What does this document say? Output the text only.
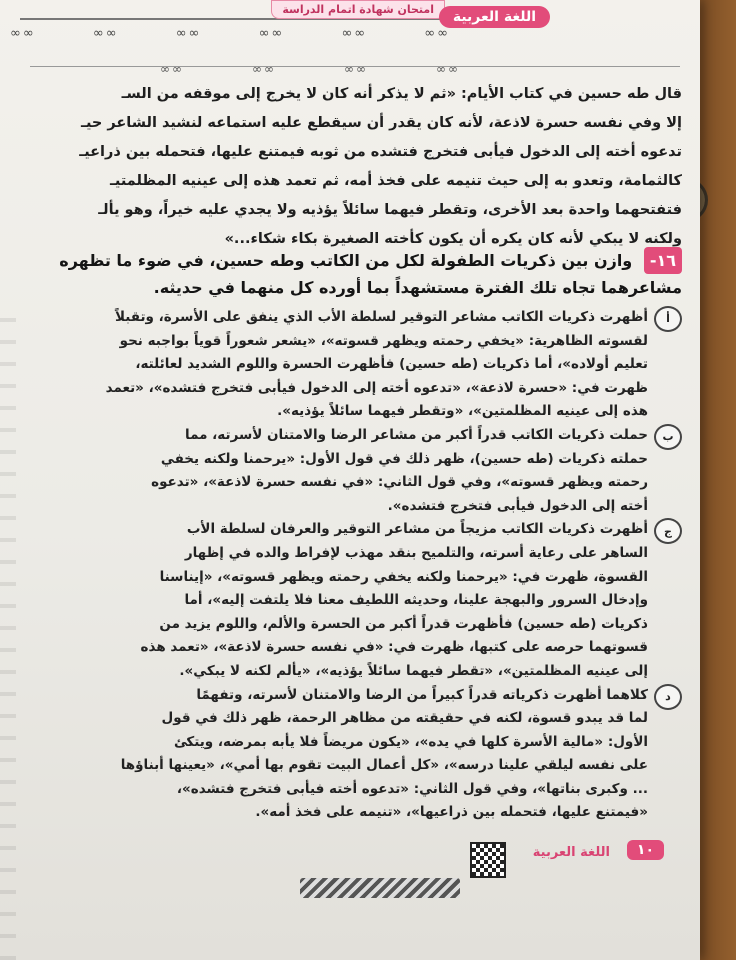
∞∞	∞∞	∞∞	∞∞	∞∞	∞∞
امتحان شهادة اتمام الدراسة	اللغة العربية
∞∞	∞∞	∞∞	∞∞
قال طه حسين في كتاب الأيام: «ثم لا يذكر أنه كان لا يخرج إلى موقفه من السـ
إلا وفي نفسه حسرة لاذعة، لأنه كان يقدر أن سيقطع عليه استماعه لنشيد الشاعر حيـ
تدعوه أخته إلى الدخول فيأبى فتخرج فتشده من ثوبه فيمتنع عليها، فتحمله بين ذراعيـ
كالثمامة، وتعدو به إلى حيث تنيمه على فخذ أمه، ثم تعمد هذه إلى عينيه المظلمتيـ
فتفتحهما واحدة بعد الأخرى، وتقطر فيهما سائلاً يؤذيه ولا يجدي عليه خيراً، وهو يألـ
ولكنه لا يبكي لأنه كان يكره أن يكون كأخته الصغيرة بكاء شكاء...»
١٦- وازن بين ذكريات الطفولة لكل من الكاتب وطه حسين، في ضوء ما تظهره مشاعرهما تجاه تلك الفترة مستشهداً بما أورده كل منهما في حديثه.
أ
أظهرت ذكريات الكاتب مشاعر التوقير لسلطة الأب الذي ينفق على الأسرة، وتقبلاً
لقسوته الظاهرية: «يخفي رحمته ويظهر قسوته»، «يشعر شعوراً قوياً بواجبه نحو
تعليم أولاده»، أما ذكريات (طه حسين) فأظهرت الحسرة واللوم الشديد لعائلته،
ظهرت في: «حسرة لاذعة»، «تدعوه أخته إلى الدخول فيأبى فتخرج فتشده»، «تعمد
هذه إلى عينيه المظلمتين»، «وتقطر فيهما سائلاً يؤذيه».
ب
حملت ذكريات الكاتب قدراً أكبر من مشاعر الرضا والامتنان لأسرته، مما
حملته ذكريات (طه حسين)، ظهر ذلك في قول الأول: «يرحمنا ولكنه يخفي
رحمته ويظهر قسوته»، وفي قول الثاني: «في نفسه حسرة لاذعة»، «تدعوه
أخته إلى الدخول فيأبى فتخرج فتشده».
ج
أظهرت ذكريات الكاتب مزيجاً من مشاعر التوقير والعرفان لسلطة الأب
الساهر على رعاية أسرته، والتلميح بنقد مهذب لإفراط والده في إظهار
القسوة، ظهرت في: «يرحمنا ولكنه يخفي رحمته ويظهر قسوته»، «إيناسنا
وإدخال السرور والبهجة علينا، وحديثه اللطيف معنا فلا يلتفت إليه»، أما
ذكريات (طه حسين) فأظهرت قدراً أكبر من الحسرة والألم، واللوم يزيد من
قسوتهما حرصه على كتبها، ظهرت في: «في نفسه حسرة لاذعة»، «تعمد هذه
إلى عينيه المظلمتين»، «تقطر فيهما سائلاً يؤذيه»، «يألم لكنه لا يبكي».
د
كلاهما أظهرت ذكرياته قدراً كبيراً من الرضا والامتنان لأسرته، وتفهمًا
لما قد يبدو قسوة، لكنه في حقيقته من مظاهر الرحمة، ظهر ذلك في قول
الأول: «مالية الأسرة كلها في يده»، «يكون مريضاً فلا يأبه بمرضه، ويتكئ
على نفسه ليلقي علينا درسه»، «كل أعمال البيت تقوم بها أمي»، «يعينها أبناؤها
... وكبرى بناتها»، وفي قول الثاني: «تدعوه أخته فيأبى فتخرج فتشده»،
«فيمتنع عليها، فتحمله بين ذراعيها»، «تنيمه على فخذ أمه».
اللغة العربية	١٠
